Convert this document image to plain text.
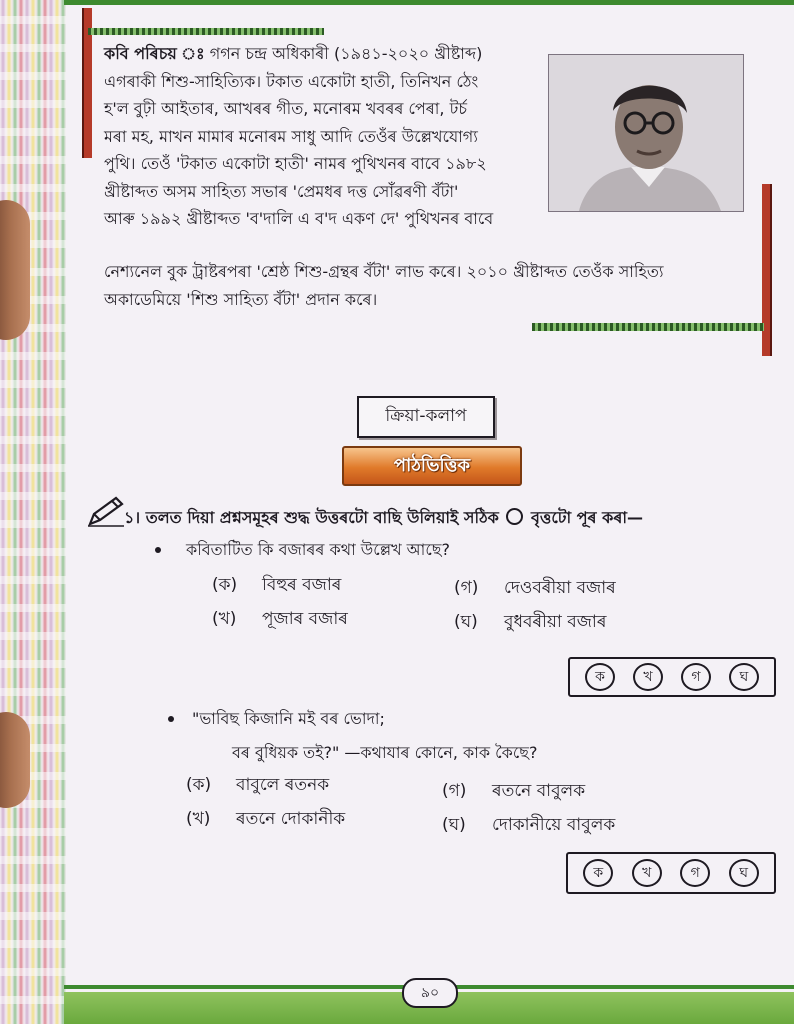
কবি পৰিচয় ঃ গগন চন্দ্ৰ অধিকাৰী (১৯৪১-২০২০ খ্ৰীষ্টাব্দ)
এগৰাকী শিশু-সাহিত্যিক। টকাত একোটা হাতী, তিনিখন ঠেং
হ'ল বুঢ়ী আইতাৰ, আখৰৰ গীত, মনোৰম খবৰৰ পেৰা, টৰ্চ
মৰা মহ, মাখন মামাৰ মনোৰম সাধু আদি তেওঁৰ উল্লেখযোগ্য
পুথি। তেওঁ 'টকাত একোটা হাতী' নামৰ পুথিখনৰ বাবে ১৯৮২
খ্ৰীষ্টাব্দত অসম সাহিত্য সভাৰ 'প্ৰেমধৰ দত্ত সোঁৱৰণী বঁটা'
আৰু ১৯৯২ খ্ৰীষ্টাব্দত 'ব'দালি এ ব'দ একণ দে' পুথিখনৰ বাবে
নেশ্যনেল বুক ট্ৰাষ্টৰপৰা 'শ্ৰেষ্ঠ শিশু-গ্ৰন্থৰ বঁটা' লাভ কৰে। ২০১০ খ্ৰীষ্টাব্দত তেওঁক সাহিত্য
অকাডেমিয়ে 'শিশু সাহিত্য বঁটা' প্ৰদান কৰে।
ক্ৰিয়া-কলাপ
পাঠভিত্তিক

১। তলত দিয়া প্ৰশ্নসমূহৰ শুদ্ধ উত্তৰটো বাছি উলিয়াই সঠিক বৃত্তটো পূৰ কৰা—

কবিতাটিত কি বজাৰৰ কথা উল্লেখ আছে?

(ক) বিহুৰ বজাৰ

(খ) পূজাৰ বজাৰ

(গ) দেওবৰীয়া বজাৰ

(ঘ) বুধবৰীয়া বজাৰ

ক	খ	গ	ঘ

"ভাবিছ কিজানি মই বৰ ভোদা;

বৰ বুধিয়ক তই?" —কথাযাৰ কোনে, কাক কৈছে?

(ক) বাবুলে ৰতনক

(খ) ৰতনে দোকানীক

(গ) ৰতনে বাবুলক

(ঘ) দোকানীয়ে বাবুলক

ক	খ	গ	ঘ
৯০
